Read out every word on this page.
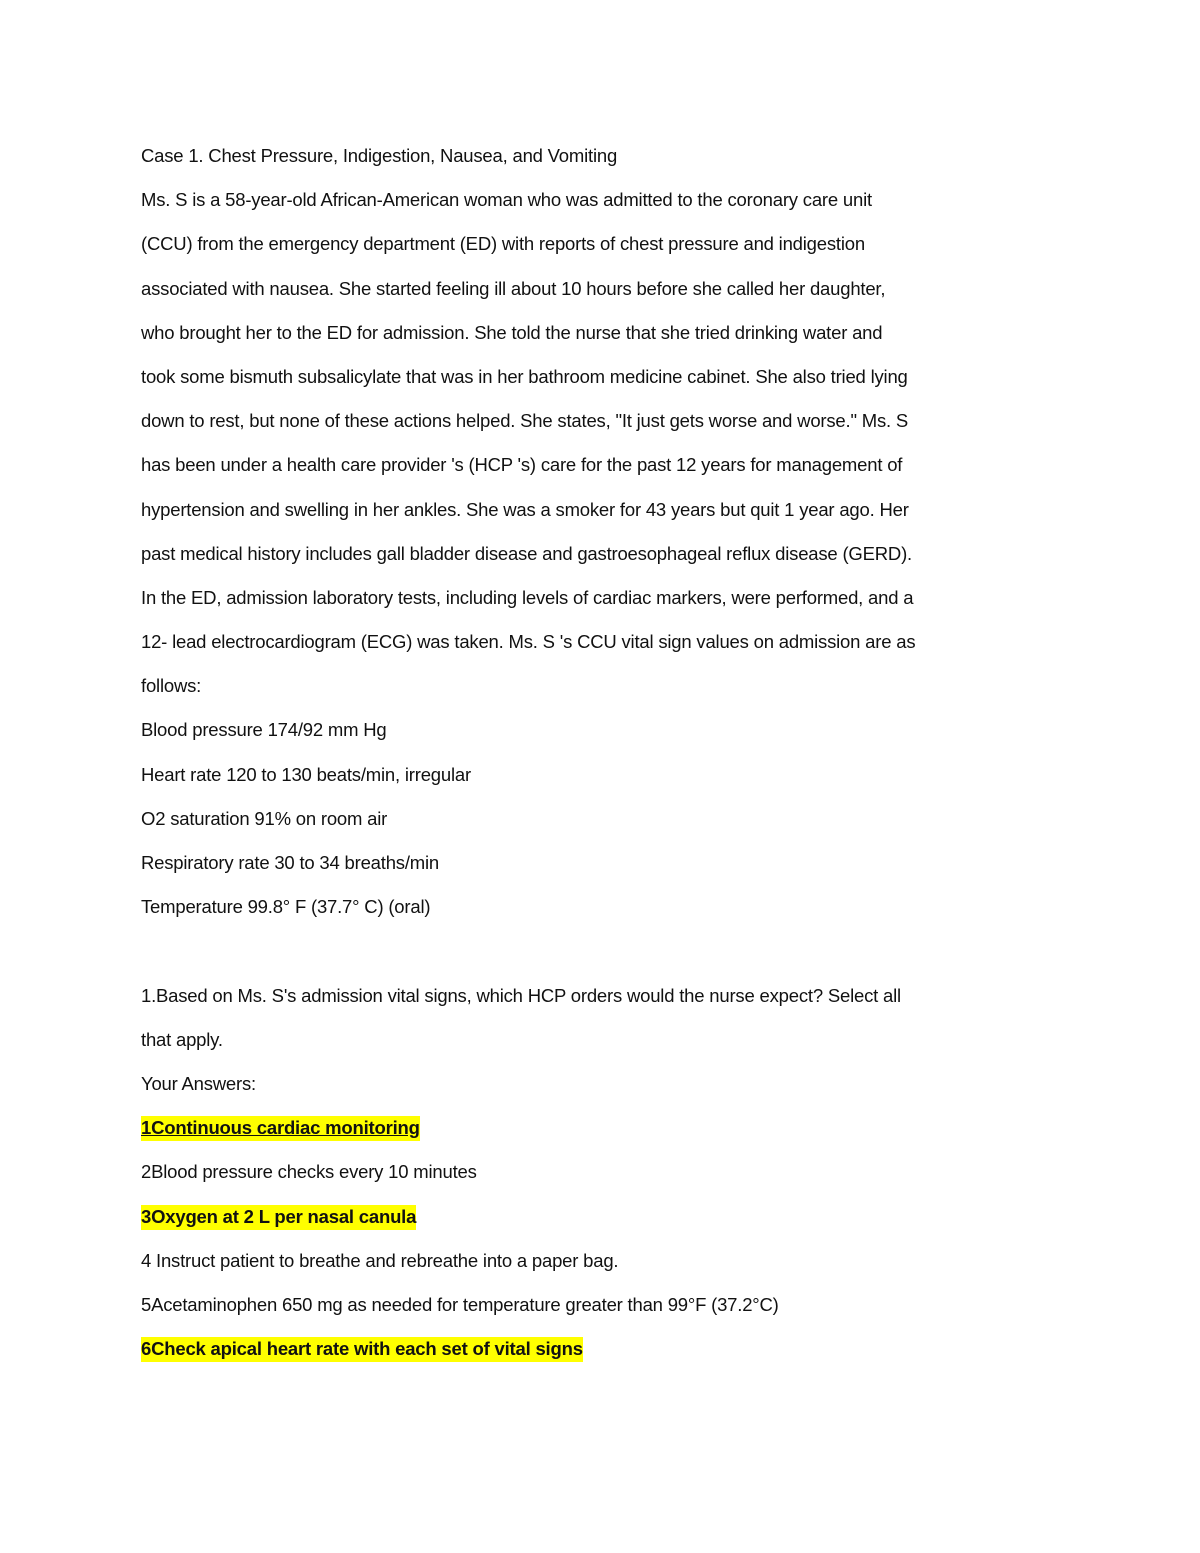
Case 1. Chest Pressure, Indigestion, Nausea, and Vomiting
Ms. S is a 58-year-old African-American woman who was admitted to the coronary care unit
(CCU) from the emergency department (ED) with reports of chest pressure and indigestion
associated with nausea. She started feeling ill about 10 hours before she called her daughter,
who brought her to the ED for admission. She told the nurse that she tried drinking water and
took some bismuth subsalicylate that was in her bathroom medicine cabinet. She also tried lying
down to rest, but none of these actions helped. She states, "It just gets worse and worse." Ms. S
has been under a health care provider 's (HCP 's) care for the past 12 years for management of
hypertension and swelling in her ankles. She was a smoker for 43 years but quit 1 year ago. Her
past medical history includes gall bladder disease and gastroesophageal reflux disease (GERD).
In the ED, admission laboratory tests, including levels of cardiac markers, were performed, and a
12- lead electrocardiogram (ECG) was taken. Ms. S 's CCU vital sign values on admission are as
follows:
Blood pressure 174/92 mm Hg
Heart rate 120 to 130 beats/min, irregular
O2 saturation 91% on room air
Respiratory rate 30 to 34 breaths/min
Temperature 99.8° F (37.7° C) (oral)
1.Based on Ms. S's admission vital signs, which HCP orders would the nurse expect? Select all
that apply.
Your Answers:
1Continuous cardiac monitoring
2Blood pressure checks every 10 minutes
3Oxygen at 2 L per nasal canula
4 Instruct patient to breathe and rebreathe into a paper bag.
5Acetaminophen 650 mg as needed for temperature greater than 99°F (37.2°C)
6Check apical heart rate with each set of vital signs
